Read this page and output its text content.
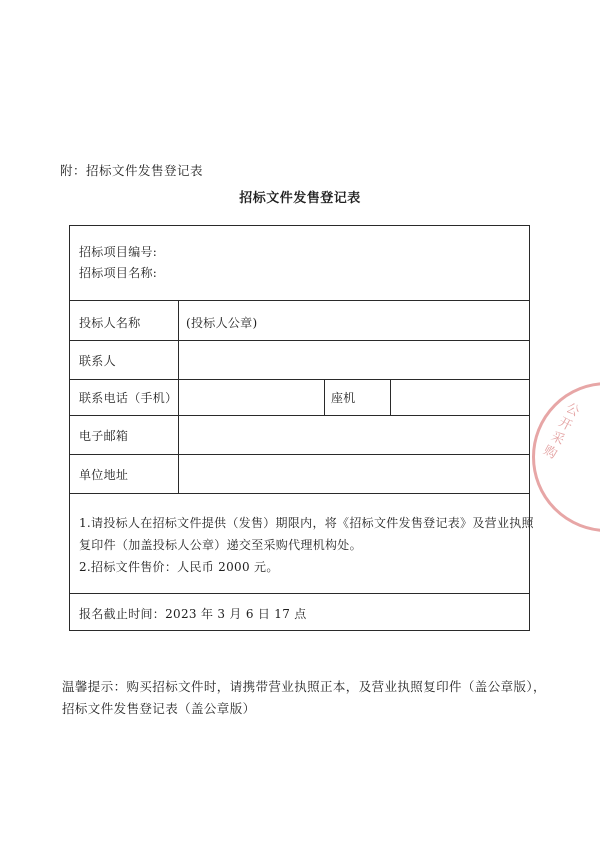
附：招标文件发售登记表
招标文件发售登记表
招标项目编号:
招标项目名称:
投标人名称	(投标人公章)
联系人
联系电话（手机）	座机
电子邮箱
单位地址
1.请投标人在招标文件提供（发售）期限内，将《招标文件发售登记表》及营业执照
复印件（加盖投标人公章）递交至采购代理机构处。
2.招标文件售价：人民币 2000 元。
报名截止时间：2023 年 3 月 6 日 17 点
温馨提示：购买招标文件时，请携带营业执照正本，及营业执照复印件（盖公章版），招标文件发售登记表（盖公章版）
公
开
采
购
